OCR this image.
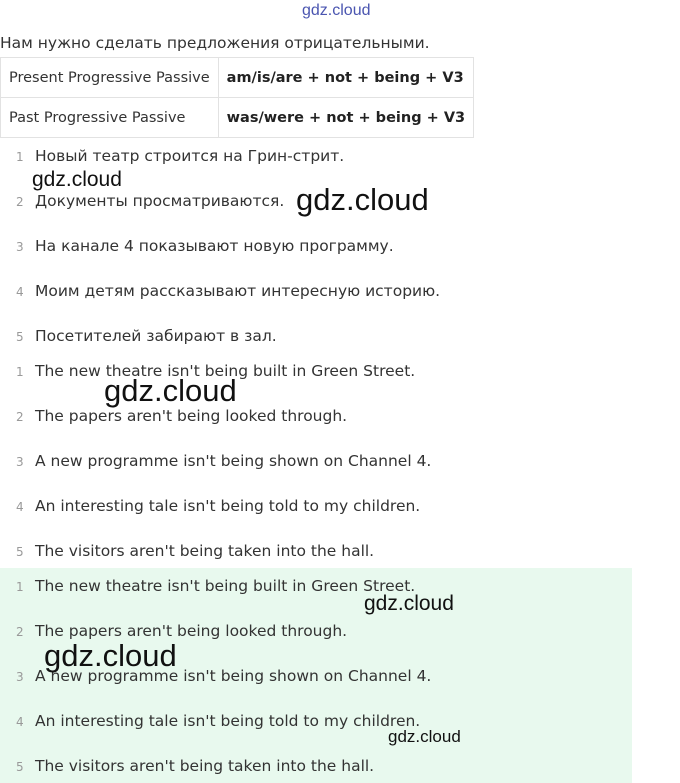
gdz.cloud
Нам нужно сделать предложения отрицательными.
Present Progressive Passive	am/is/are + not + being + V3
Past Progressive Passive	was/were + not + being + V3
1 Новый театр строится на Грин-стрит.
2 Документы просматриваются.
3 На канале 4 показывают новую программу.
4 Моим детям рассказывают интересную историю.
5 Посетителей забирают в зал.
1 The new theatre isn't being built in Green Street.
2 The papers aren't being looked through.
3 A new programme isn't being shown on Channel 4.
4 An interesting tale isn't being told to my children.
5 The visitors aren't being taken into the hall.
1 The new theatre isn't being built in Green Street.
2 The papers aren't being looked through.
3 A new programme isn't being shown on Channel 4.
4 An interesting tale isn't being told to my children.
5 The visitors aren't being taken into the hall.
gdz.cloud
gdz.cloud
gdz.cloud
gdz.cloud
gdz.cloud
gdz.cloud
